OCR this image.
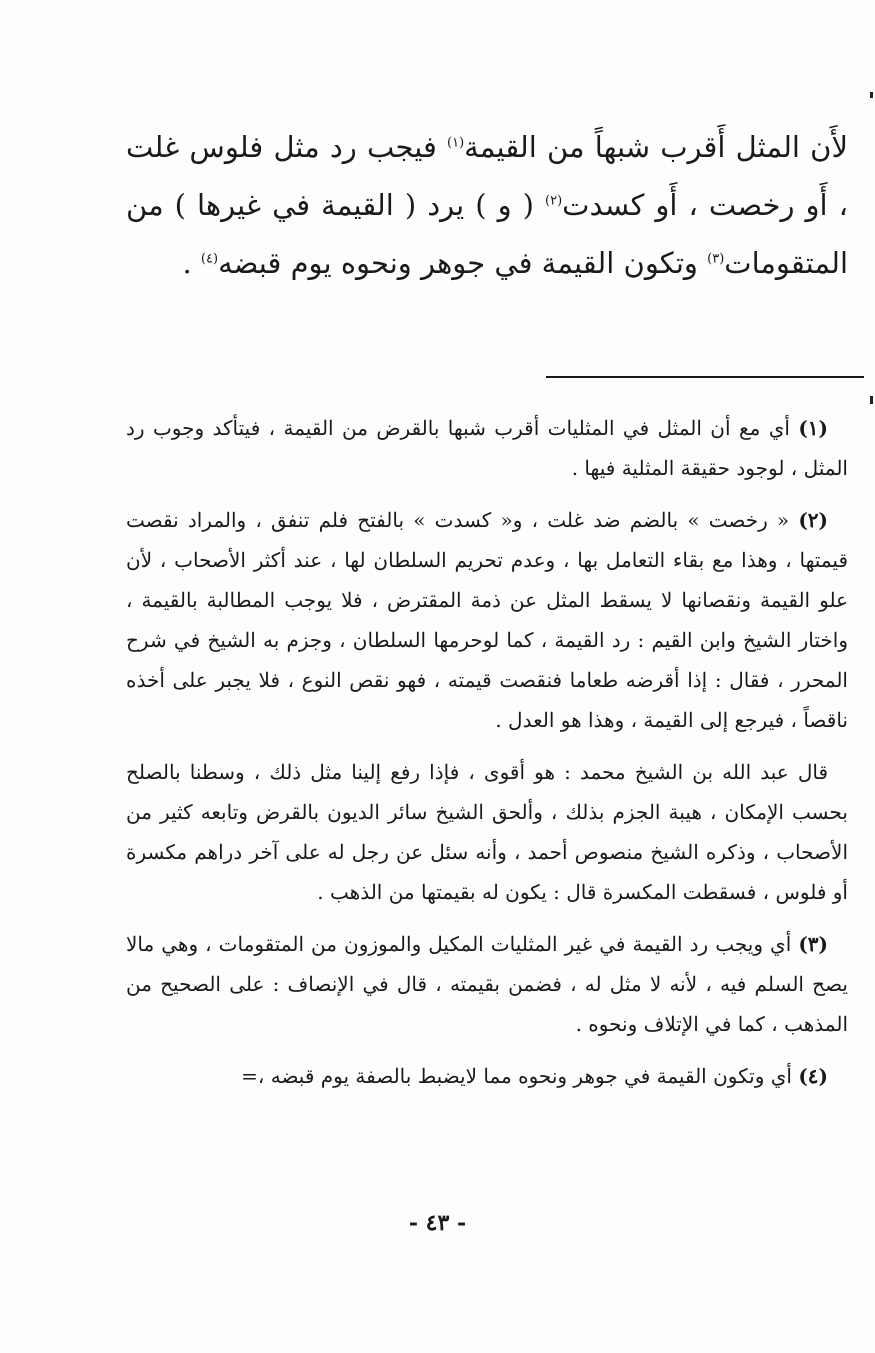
لأَن المثل أَقرب شبهاً من القيمة$^{(١)}$ فيجب رد مثل فلوس غلت ، أَو رخصت ، أَو كسدت$^{(٢)}$ ( و ) يرد ( القيمة في غيرها ) من المتقومات$^{(٣)}$ وتكون القيمة في جوهر ونحوه يوم قبضه$^{(٤)}$ .

(١) أي مع أن المثل في المثليات أقرب شبها بالقرض من القيمة ، فيتأكد وجوب رد المثل ، لوجود حقيقة المثلية فيها .

(٢) « رخصت » بالضم ضد غلت ، و« كسدت » بالفتح فلم تنفق ، والمراد نقصت قيمتها ، وهذا مع بقاء التعامل بها ، وعدم تحريم السلطان لها ، عند أكثر الأصحاب ، لأن علو القيمة ونقصانها لا يسقط المثل عن ذمة المقترض ، فلا يوجب المطالبة بالقيمة ، واختار الشيخ وابن القيم : رد القيمة ، كما لوحرمها السلطان ، وجزم به الشيخ في شرح المحرر ، فقال : إذا أقرضه طعاما فنقصت قيمته ، فهو نقص النوع ، فلا يجبر على أخذه ناقصاً ، فيرجع إلى القيمة ، وهذا هو العدل .

قال عبد الله بن الشيخ محمد : هو أقوى ، فإذا رفع إلينا مثل ذلك ، وسطنا بالصلح بحسب الإمكان ، هيبة الجزم بذلك ، وألحق الشيخ سائر الديون بالقرض وتابعه كثير من الأصحاب ، وذكره الشيخ منصوص أحمد ، وأنه سئل عن رجل له على آخر دراهم مكسرة أو فلوس ، فسقطت المكسرة قال : يكون له بقيمتها من الذهب .

(٣) أي ويجب رد القيمة في غير المثليات المكيل والموزون من المتقومات ، وهي مالا يصح السلم فيه ، لأنه لا مثل له ، فضمن بقيمته ، قال في الإنصاف : على الصحيح من المذهب ، كما في الإتلاف ونحوه .

(٤) أي وتكون القيمة في جوهر ونحوه مما لايضبط بالصفة يوم قبضه ،=

- ٤٣ -
